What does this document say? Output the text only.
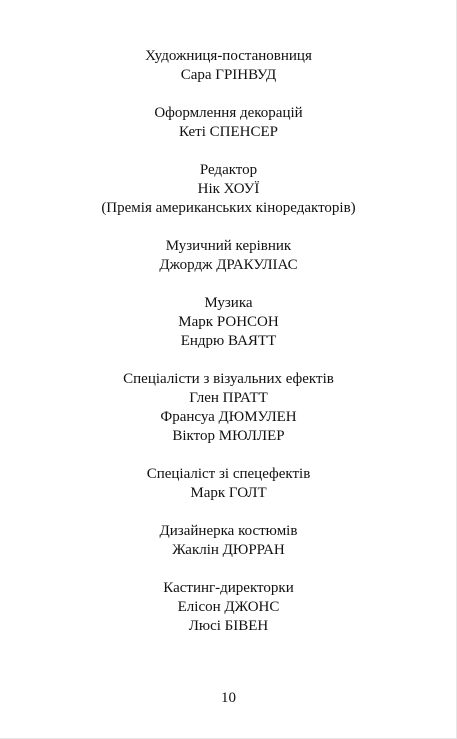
Художниця-постановниця
Сара ГРІНВУД
Оформлення декорацій
Кеті СПЕНСЕР
Редактор
Нік ХОУЇ
(Премія американських кінoредакторів)
Музичний керівник
Джордж ДРАКУЛІАС
Музика
Марк РОНСОН
Ендрю ВАЯТТ
Спеціалісти з візуальних ефектів
Глен ПРАТТ
Франсуа ДЮМУЛЕН
Віктор МЮЛЛЕР
Спеціаліст зі спецефектів
Марк ГОЛТ
Дизайнерка костюмів
Жаклін ДЮРРАН
Кастинг-директорки
Елісон ДЖОНС
Люсі БІВЕН
10
